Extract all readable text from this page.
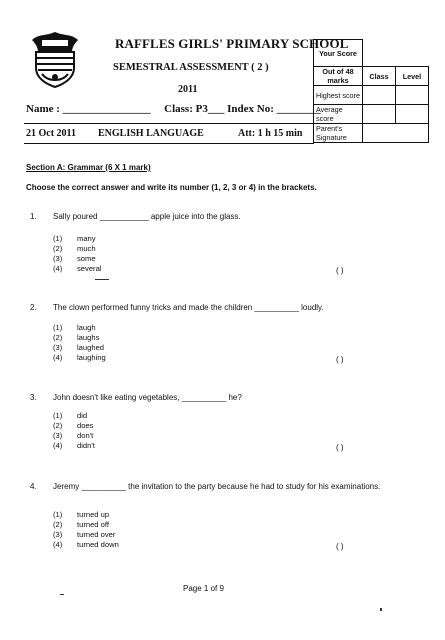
RAFFLES GIRLS' PRIMARY SCHOOL
SEMESTRAL ASSESSMENT ( 2 )
2011
Name : ________________ Class: P3___ Index No: ________
21 Oct 2011 ENGLISH LANGUAGE	Att: 1 h 15 min
Your Score		
Out of 48 marks	Class	Level
Highest score		
Average score		
Parent's Signature		
Section A: Grammar (6 X 1 mark)
Choose the correct answer and write its number (1, 2, 3 or 4) in the brackets.
1. Sally poured ___________ apple juice into the glass.
(1) many
(2) much
(3) some
(4) several	( )
2. The clown performed funny tricks and made the children __________ loudly.
(1) laugh
(2) laughs
(3) laughed
(4) laughing	( )
3. John doesn't like eating vegetables, __________ he?
(1) did
(2) does
(3) don't
(4) didn't	( )
4. Jeremy __________ the invitation to the party because he had to study for his examinations.
(1) turned up
(2) turned off
(3) turned over
(4) turned down	( )
Page 1 of 9
